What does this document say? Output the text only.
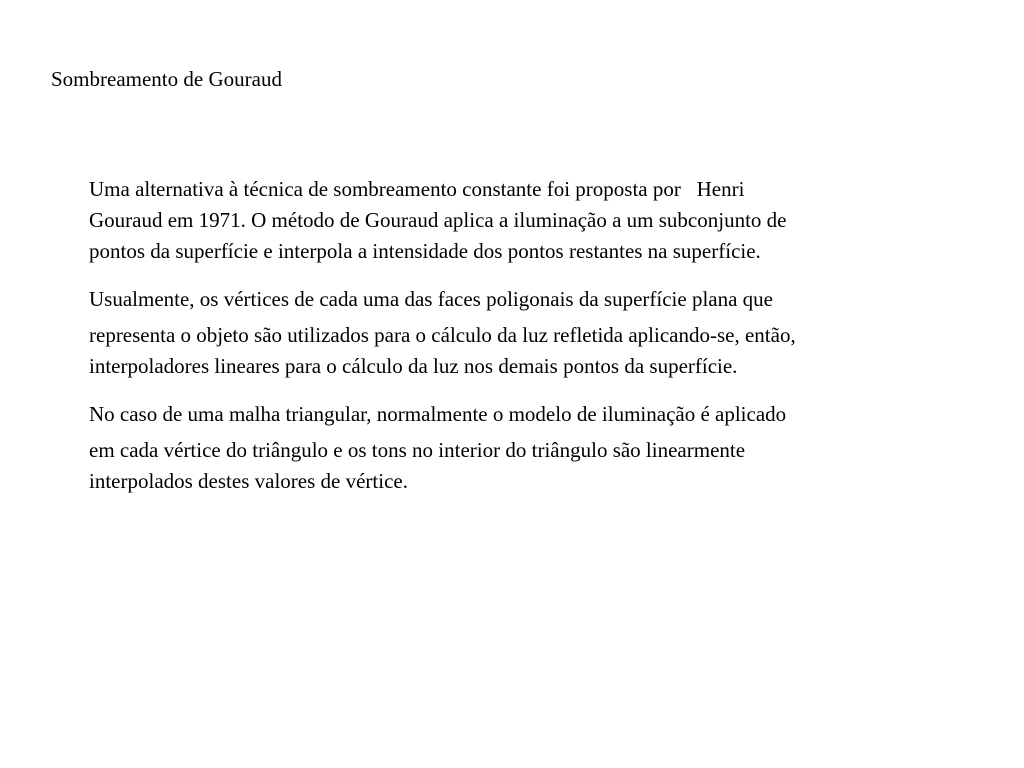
Sombreamento de Gouraud

Uma alternativa à técnica de sombreamento constante foi proposta por   Henri
Gouraud em 1971. O método de Gouraud aplica a iluminação a um subconjunto de
pontos da superfície e interpola a intensidade dos pontos restantes na superfície.

Usualmente, os vértices de cada uma das faces poligonais da superfície plana que
representa o objeto são utilizados para o cálculo da luz refletida aplicando-se, então,
interpoladores lineares para o cálculo da luz nos demais pontos da superfície.

No caso de uma malha triangular, normalmente o modelo de iluminação é aplicado
em cada vértice do triângulo e os tons no interior do triângulo são linearmente
interpolados destes valores de vértice.
